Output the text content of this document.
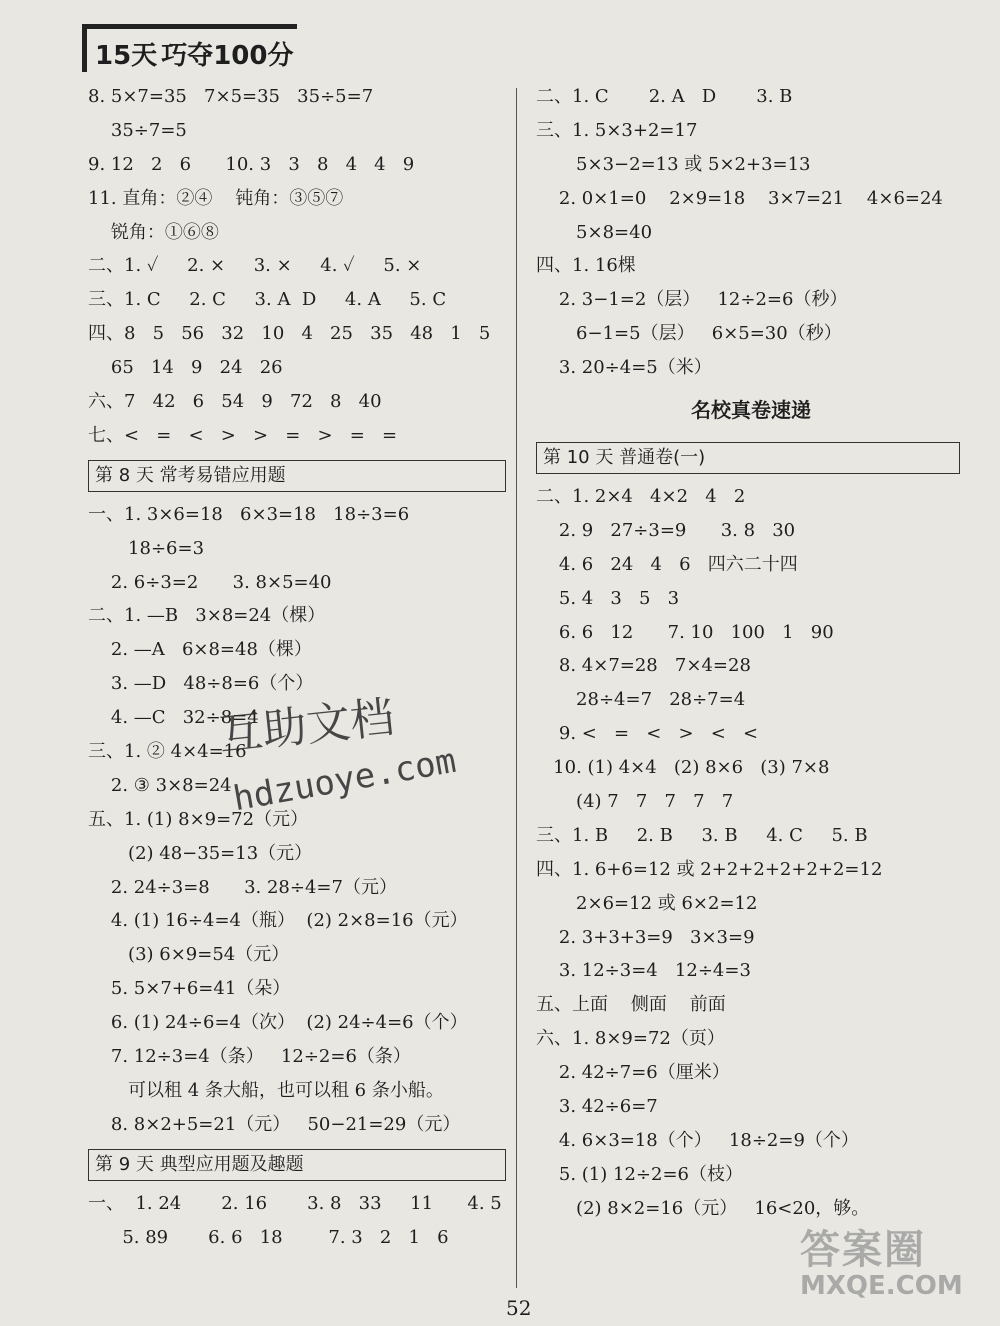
15天 巧夺100分
8. 5×7=35   7×5=35   35÷5=7
35÷7=5
9. 12   2   6      10. 3   3   8   4   4   9
11. 直角：②④    钝角：③⑤⑦
锐角：①⑥⑧
二、1. ✓     2. ×     3. ×     4. ✓     5. ×
三、1. C     2. C     3. A  D     4. A     5. C
四、8   5   56   32   10   4   25   35   48   1   5
65   14   9   24   26
六、7   42   6   54   9   72   8   40
七、<   =   <   >   >   =   >   =   =
第 8 天 常考易错应用题
一、1. 3×6=18   6×3=18   18÷3=6
18÷6=3
2. 6÷3=2      3. 8×5=40
二、1. —B   3×8=24（棵）
2. —A   6×8=48（棵）
3. —D   48÷8=6（个）
4. —C   32÷8=4
三、1. ② 4×4=16
2. ③ 3×8=24
五、1. (1) 8×9=72（元）
(2) 48−35=13（元）
2. 24÷3=8      3. 28÷4=7（元）
4. (1) 16÷4=4（瓶）  (2) 2×8=16（元）
(3) 6×9=54（元）
5. 5×7+6=41（朵）
6. (1) 24÷6=4（次）  (2) 24÷4=6（个）
7. 12÷3=4（条）   12÷2=6（条）
可以租 4 条大船，也可以租 6 条小船。
8. 8×2+5=21（元）   50−21=29（元）
第 9 天 典型应用题及趣题
一、  1. 24       2. 16       3. 8   33     11      4. 5
5. 89       6. 6   18        7. 3   2   1   6
二、1. C       2. A   D       3. B
三、1. 5×3+2=17
5×3−2=13 或 5×2+3=13
2. 0×1=0    2×9=18    3×7=21    4×6=24
5×8=40
四、1. 16棵
2. 3−1=2（层）   12÷2=6（秒）
6−1=5（层）   6×5=30（秒）
3. 20÷4=5（米）
名校真卷速递
第 10 天 普通卷(一)
二、1. 2×4   4×2   4   2
2. 9   27÷3=9      3. 8   30
4. 6   24   4   6   四六二十四
5. 4   3   5   3
6. 6   12      7. 10   100   1   90
8. 4×7=28   7×4=28
28÷4=7   28÷7=4
9. <   =   <   >   <   <
10. (1) 4×4   (2) 8×6   (3) 7×8
(4) 7   7   7   7   7
三、1. B     2. B     3. B     4. C     5. B
四、1. 6+6=12 或 2+2+2+2+2+2=12
2×6=12 或 6×2=12
2. 3+3+3=9   3×3=9
3. 12÷3=4   12÷4=3
五、上面    侧面    前面
六、1. 8×9=72（页）
2. 42÷7=6（厘米）
3. 42÷6=7
4. 6×3=18（个）   18÷2=9（个）
5. (1) 12÷2=6（枝）
(2) 8×2=16（元）   16<20，够。
52
互助文档
hdzuoye.com
答案圈
MXQE.COM
